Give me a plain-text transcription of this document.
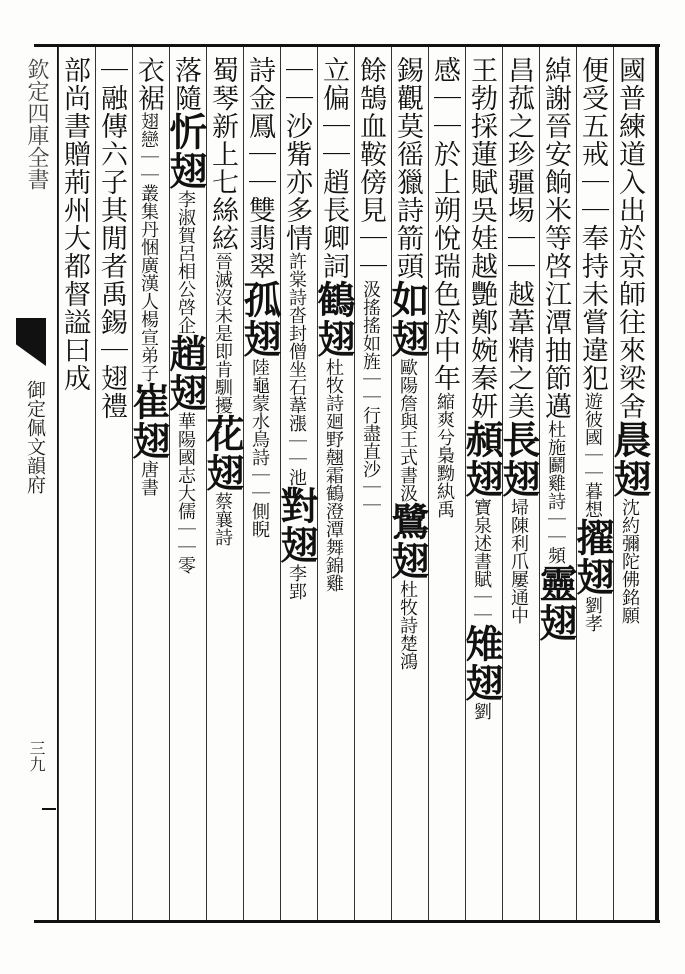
欽定四庫全書
御定佩文韻府
三九
國普練道入出於京師往來梁舍晨翅沈約彌陀佛銘願
便受五戒｜｜奉持未嘗違犯遊彼國｜｜暮想擢翅劉孝
綽謝晉安餉米等啓江潭抽節邁杜施鬬雞詩｜｜頻靈翅
昌菰之珍疆埸｜｜越葦精之美長翅埽陳利爪屢通中
王勃採蓮賦吳娃越艷鄭婉秦妍頳翅寶泉述書賦｜｜雉翅劉
感｜｜於上朔悅瑞色於中年縮爽兮梟黝紈禹
錫觀莫徭獵詩箭頭如翅歐陽詹與王式書汲鷺翅杜牧詩楚鴻
餘鵠血鞍傍見｜｜汲搖搖如旌｜｜行盡直沙｜｜
立偏｜｜趙長卿詞鶴翅杜牧詩廻野翹霜鶴澄潭舞錦雞
｜｜沙觜亦多情許棠詩沓封僧坐石葦漲｜｜池對翅李郢
詩金鳳｜｜雙翡翠孤翅陸龜蒙水鳥詩｜｜側睨
蜀琴新上七絲絃晉滅沒未是即肯馴擾花翅蔡襄詩
落隨忻翅李淑賀呂相公啓企趙翅華陽國志大儒｜｜零
衣裾翅戀｜｜叢集丹悃廣漢人楊宣弟子崔翅唐書
｜融傳六子其閒者禹錫｜翅禮
部尚書贈荊州大都督謚曰成
